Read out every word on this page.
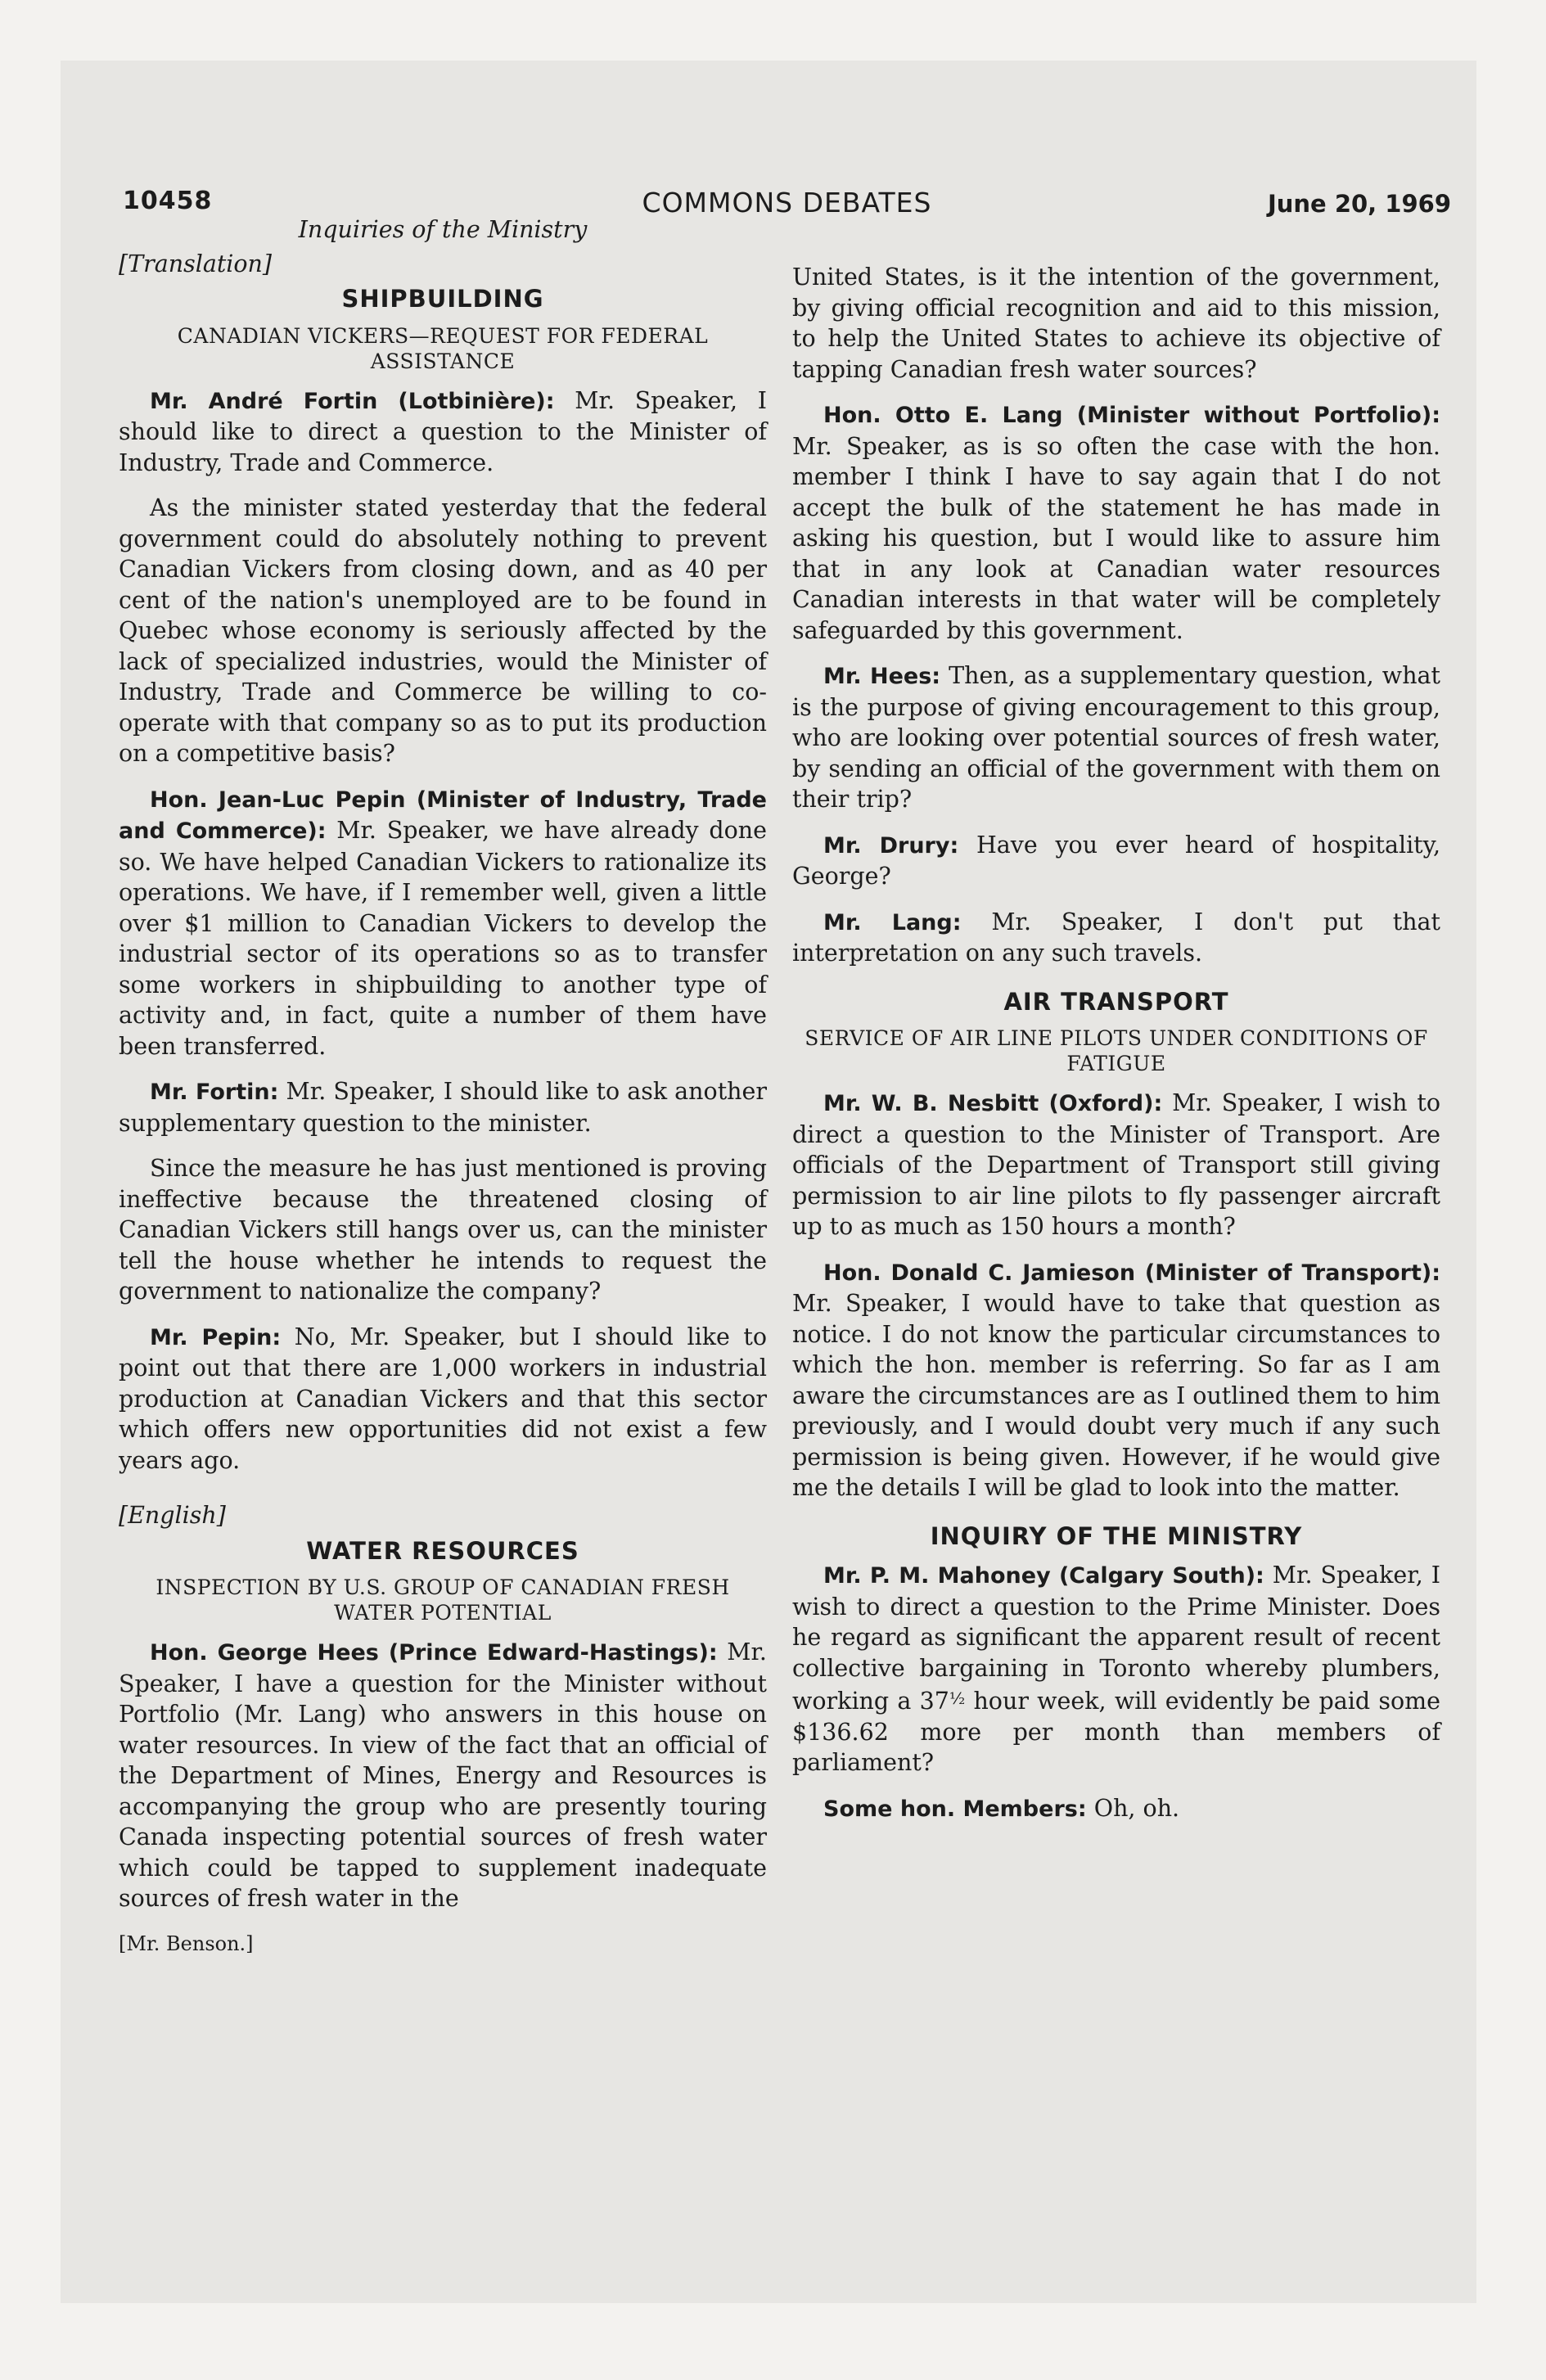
10458	COMMONS DEBATES	June 20, 1969
Inquiries of the Ministry
[Translation]
SHIPBUILDING
CANADIAN VICKERS—REQUEST FOR FEDERAL ASSISTANCE

Mr. André Fortin (Lotbinière): Mr. Speaker, I should like to direct a question to the Minister of Industry, Trade and Commerce.

As the minister stated yesterday that the federal government could do absolutely nothing to prevent Canadian Vickers from closing down, and as 40 per cent of the nation's unemployed are to be found in Quebec whose economy is seriously affected by the lack of specialized industries, would the Minister of Industry, Trade and Commerce be willing to co-operate with that company so as to put its production on a competitive basis?

Hon. Jean-Luc Pepin (Minister of Industry, Trade and Commerce): Mr. Speaker, we have already done so. We have helped Canadian Vickers to rationalize its operations. We have, if I remember well, given a little over $1 million to Canadian Vickers to develop the industrial sector of its operations so as to transfer some workers in shipbuilding to another type of activity and, in fact, quite a number of them have been transferred.

Mr. Fortin: Mr. Speaker, I should like to ask another supplementary question to the minister.

Since the measure he has just mentioned is proving ineffective because the threatened closing of Canadian Vickers still hangs over us, can the minister tell the house whether he intends to request the government to nationalize the company?

Mr. Pepin: No, Mr. Speaker, but I should like to point out that there are 1,000 workers in industrial production at Canadian Vickers and that this sector which offers new opportunities did not exist a few years ago.

[English]
WATER RESOURCES
INSPECTION BY U.S. GROUP OF CANADIAN FRESH WATER POTENTIAL

Hon. George Hees (Prince Edward-Hastings): Mr. Speaker, I have a question for the Minister without Portfolio (Mr. Lang) who answers in this house on water resources. In view of the fact that an official of the Department of Mines, Energy and Resources is accompanying the group who are presently touring Canada inspecting potential sources of fresh water which could be tapped to supplement inadequate sources of fresh water in the

[Mr. Benson.]

United States, is it the intention of the government, by giving official recognition and aid to this mission, to help the United States to achieve its objective of tapping Canadian fresh water sources?

Hon. Otto E. Lang (Minister without Portfolio): Mr. Speaker, as is so often the case with the hon. member I think I have to say again that I do not accept the bulk of the statement he has made in asking his question, but I would like to assure him that in any look at Canadian water resources Canadian interests in that water will be completely safeguarded by this government.

Mr. Hees: Then, as a supplementary question, what is the purpose of giving encouragement to this group, who are looking over potential sources of fresh water, by sending an official of the government with them on their trip?

Mr. Drury: Have you ever heard of hospitality, George?

Mr. Lang: Mr. Speaker, I don't put that interpretation on any such travels.

AIR TRANSPORT
SERVICE OF AIR LINE PILOTS UNDER CONDITIONS OF FATIGUE

Mr. W. B. Nesbitt (Oxford): Mr. Speaker, I wish to direct a question to the Minister of Transport. Are officials of the Department of Transport still giving permission to air line pilots to fly passenger aircraft up to as much as 150 hours a month?

Hon. Donald C. Jamieson (Minister of Transport): Mr. Speaker, I would have to take that question as notice. I do not know the particular circumstances to which the hon. member is referring. So far as I am aware the circumstances are as I outlined them to him previously, and I would doubt very much if any such permission is being given. However, if he would give me the details I will be glad to look into the matter.

INQUIRY OF THE MINISTRY

Mr. P. M. Mahoney (Calgary South): Mr. Speaker, I wish to direct a question to the Prime Minister. Does he regard as significant the apparent result of recent collective bargaining in Toronto whereby plumbers, working a $37^{\frac{1}{2}}$ hour week, will evidently be paid some $136.62 more per month than members of parliament?

Some hon. Members: Oh, oh.
